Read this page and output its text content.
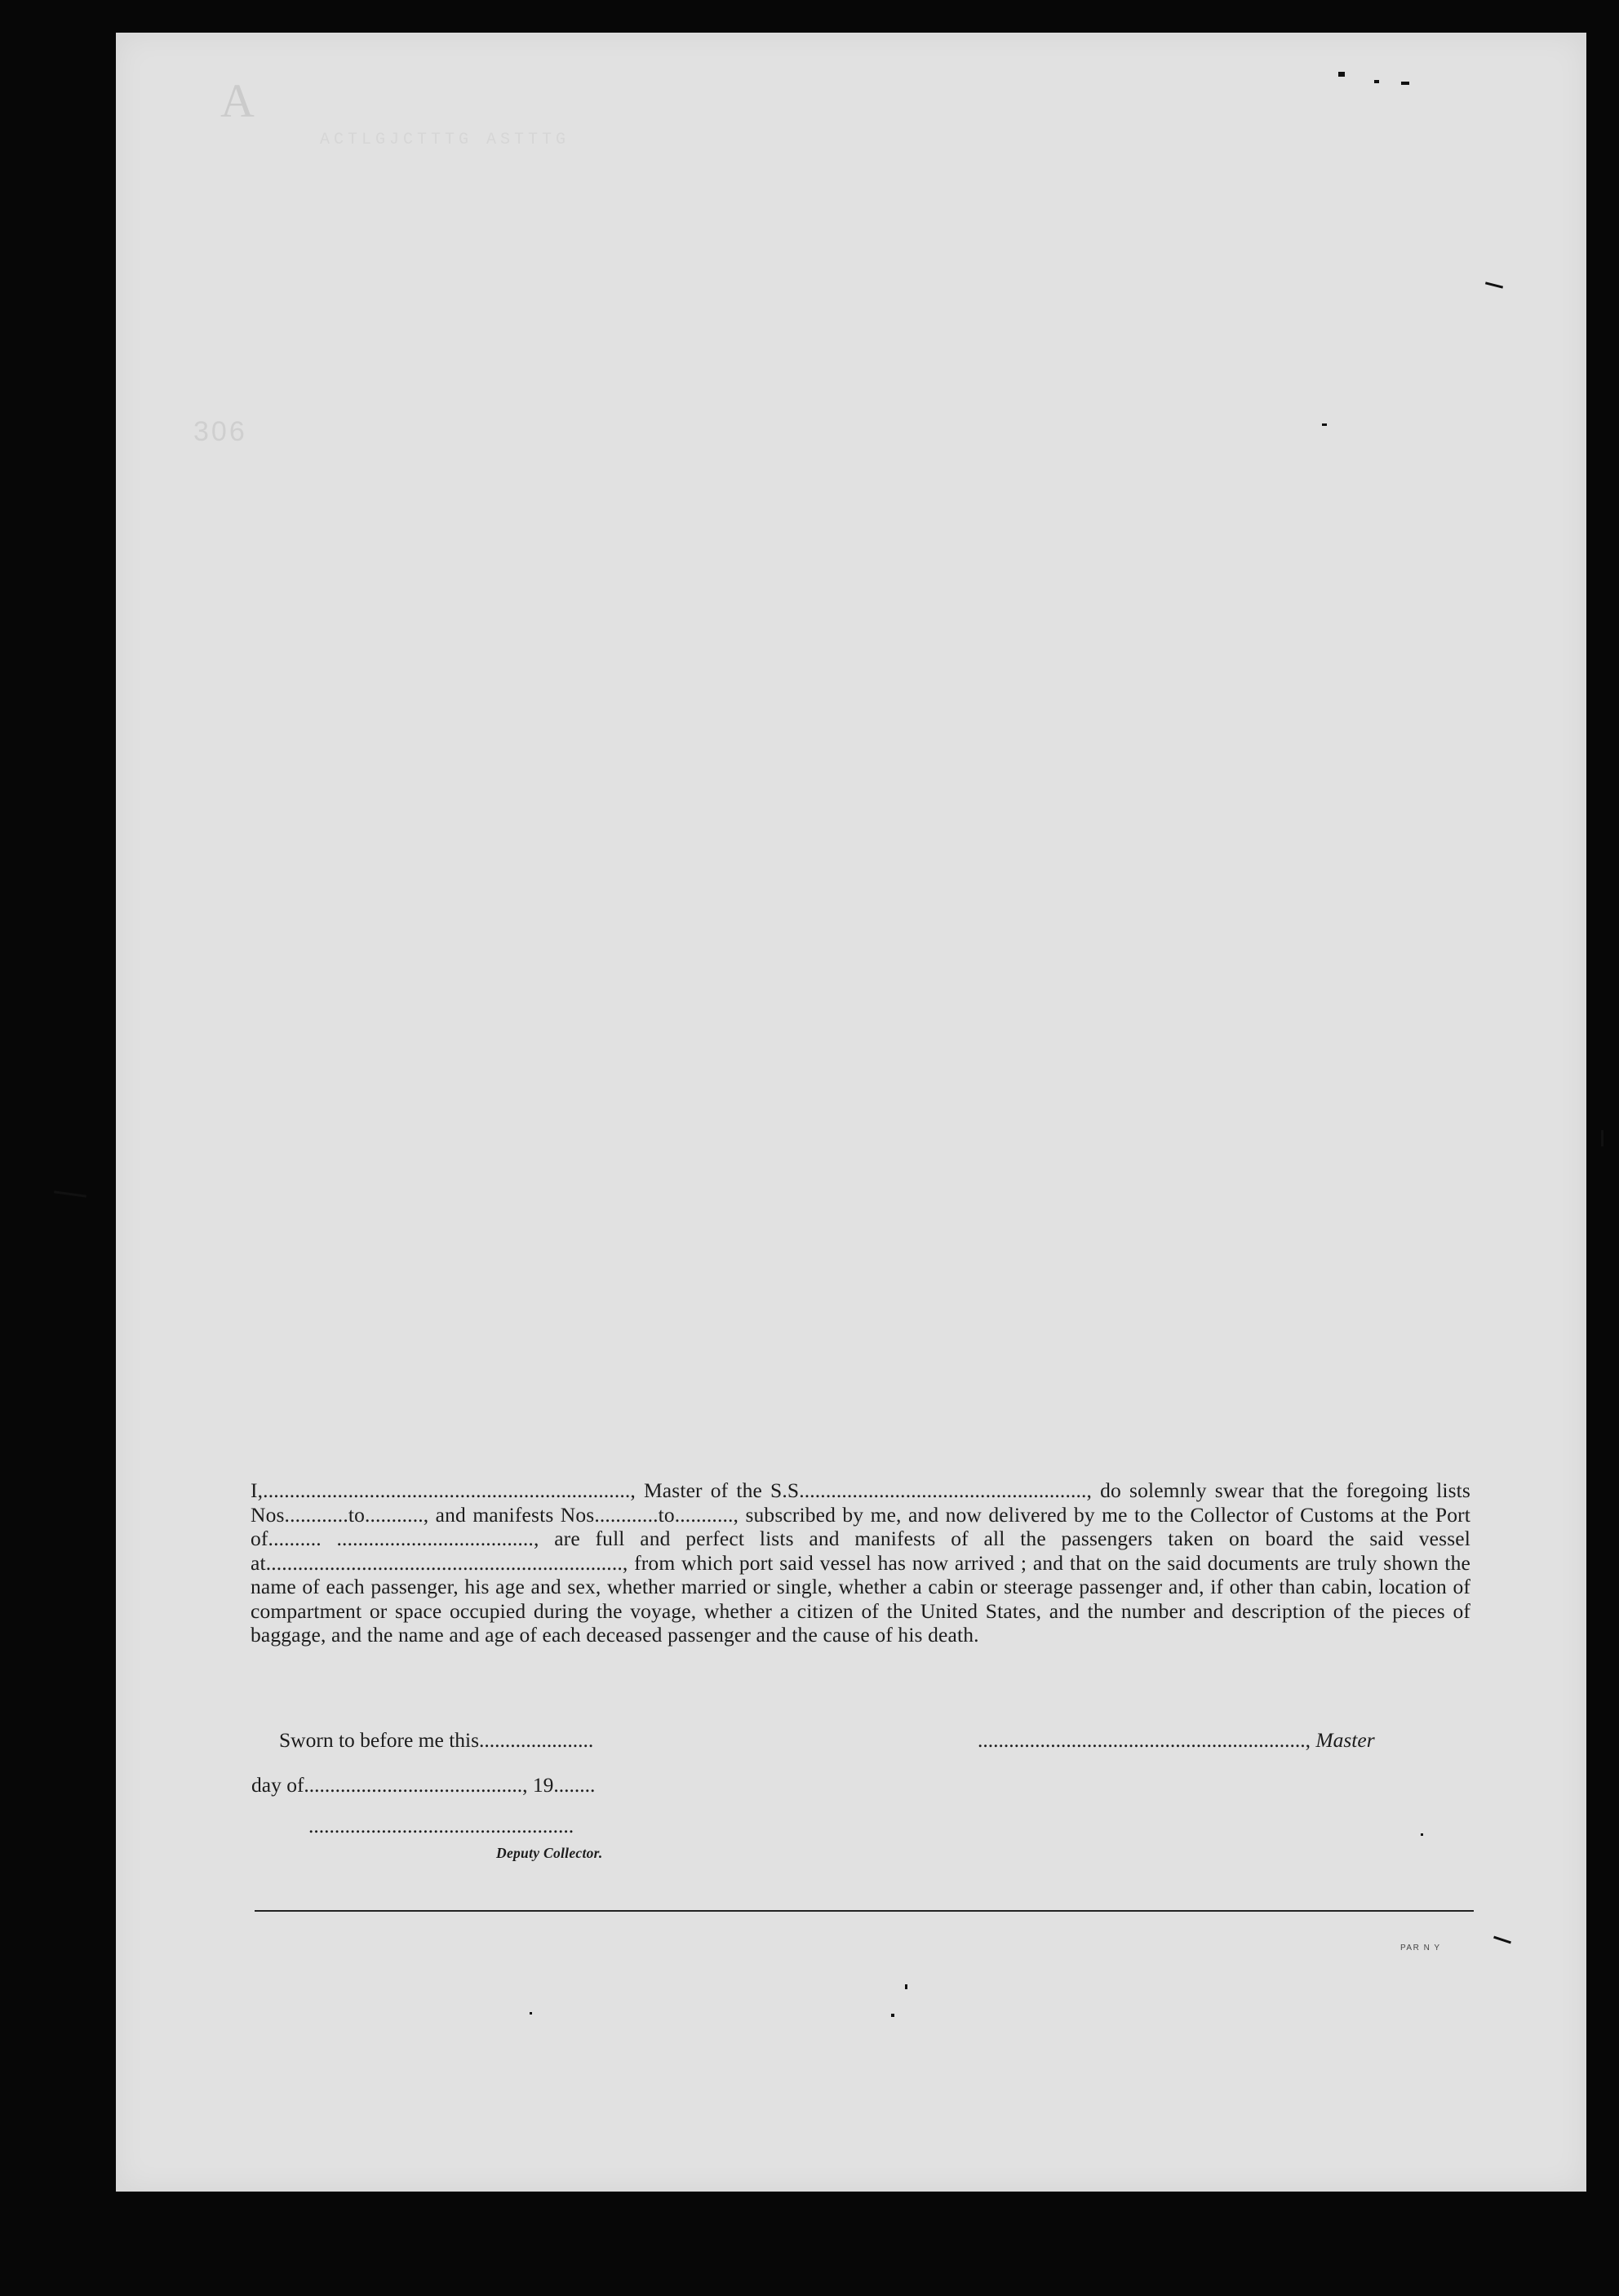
A
ACTLGJCTTTG ASTTTG
306

I,....................................................................., Master of the S.S......................................................, do solemnly swear that the foregoing lists Nos............to..........., and manifests Nos............to..........., subscribed by me, and now delivered by me to the Collector of Customs at the Port of.......... ....................................., are full and perfect lists and manifests of all the passengers taken on board the said vessel at..................................................................., from which port said vessel has now arrived ; and that on the said documents are truly shown the name of each passenger, his age and sex, whether married or single, whether a cabin or steerage passenger and, if other than cabin, location of compartment or space occupied during the voyage, whether a citizen of the United States, and the number and description of the pieces of baggage, and the name and age of each deceased passenger and the cause of his death.

Sworn to before me this......................	..............................................................., Master
day of.........................................., 19........
...................................................
Deputy Collector.
PAR N Y
